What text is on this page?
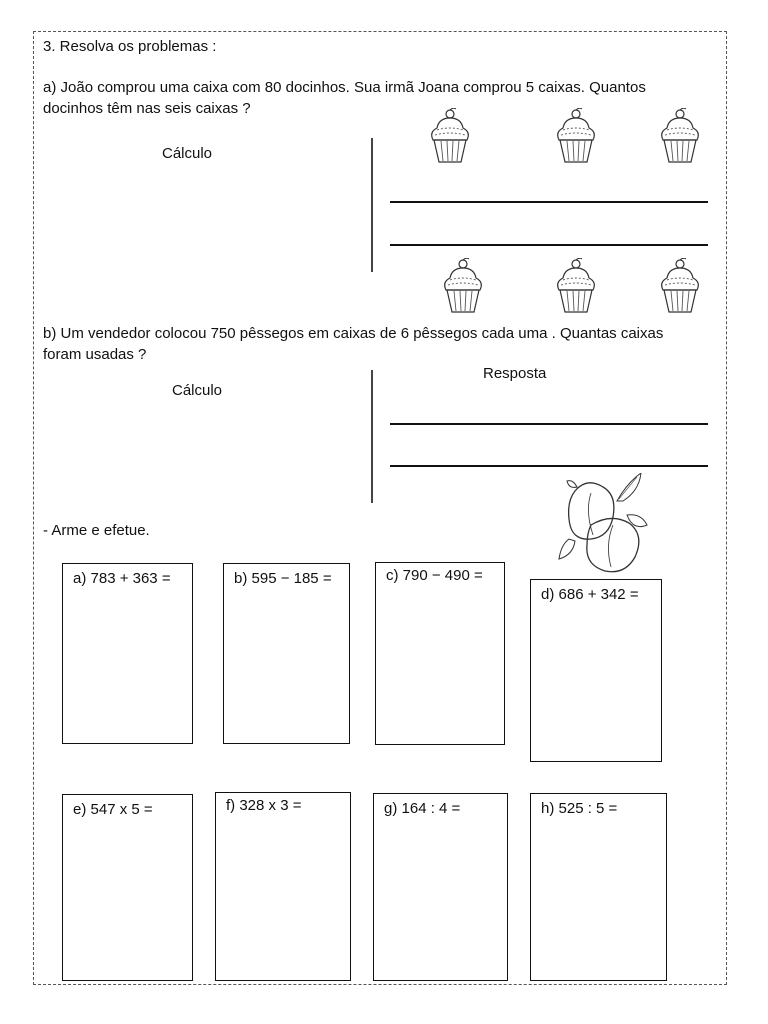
3. Resolva os problemas :
a) João comprou uma caixa com 80 docinhos. Sua irmã Joana comprou 5 caixas. Quantos
docinhos têm nas seis caixas ?
Cálculo
b) Um vendedor colocou 750 pêssegos em caixas de 6 pêssegos cada uma . Quantas caixas
foram usadas ?
Cálculo
Resposta
- Arme e efetue.
a) 783 + 363 =	b) 595 − 185 =	c) 790 − 490 =
d) 686 + 342 =
e) 547 x 5 =	f) 328 x 3 =	g) 164 : 4 =	h) 525 : 5 =
